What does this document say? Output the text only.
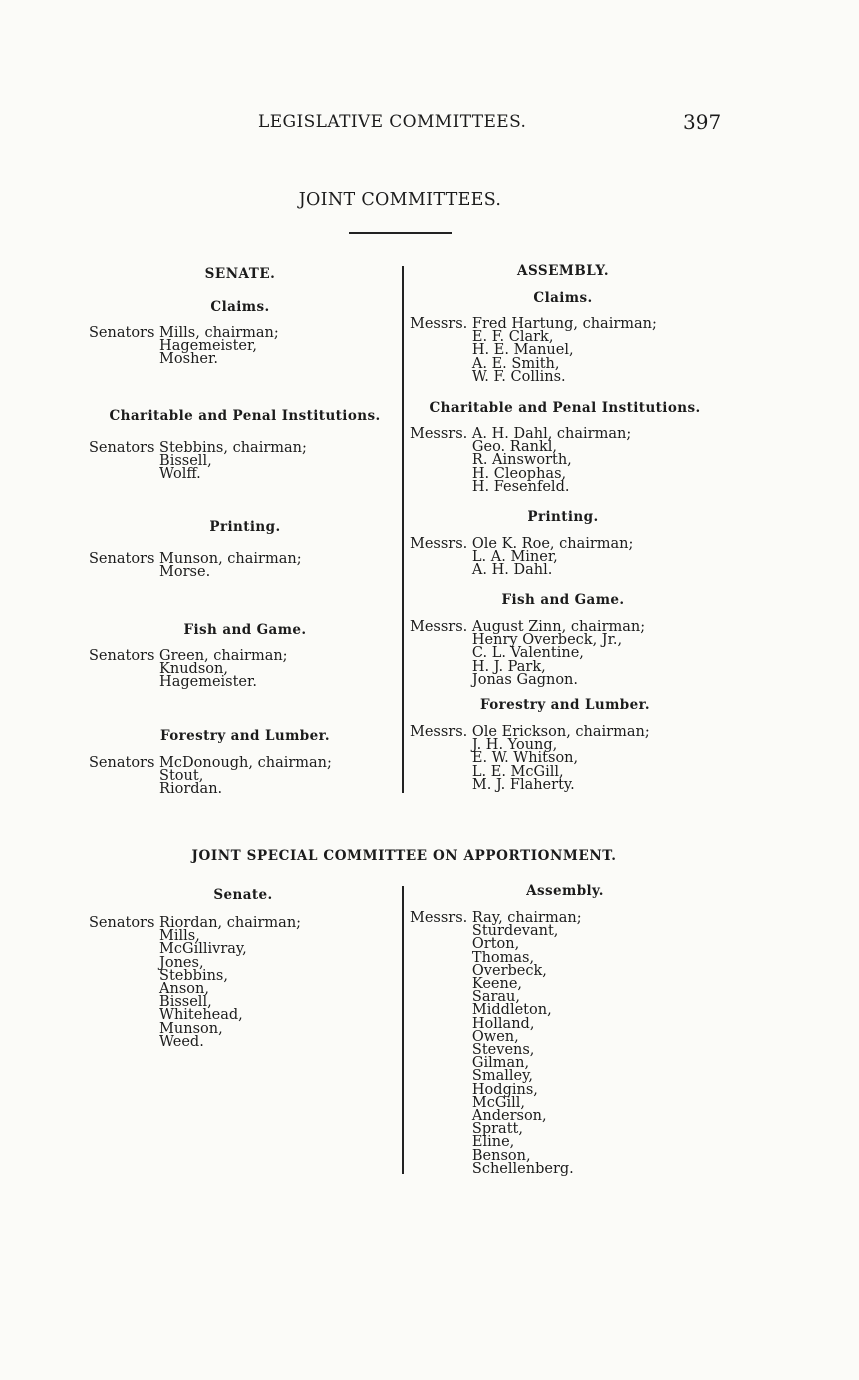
LEGISLATIVE COMMITTEES.	397
JOINT COMMITTEES.
SENATE.
Claims.
Senators Mills, chairman;
Hagemeister,
Mosher.
Charitable and Penal Institutions.
Senators Stebbins, chairman;
Bissell,
Wolff.
Printing.
Senators Munson, chairman;
Morse.
Fish and Game.
Senators Green, chairman;
Knudson,
Hagemeister.
Forestry and Lumber.
Senators McDonough, chairman;
Stout,
Riordan.
ASSEMBLY.
Claims.
Messrs. Fred Hartung, chairman;
E. F. Clark,
H. E. Manuel,
A. E. Smith,
W. F. Collins.
Charitable and Penal Institutions.
Messrs. A. H. Dahl, chairman;
Geo. Rankl,
R. Ainsworth,
H. Cleophas,
H. Fesenfeld.
Printing.
Messrs. Ole K. Roe, chairman;
L. A. Miner,
A. H. Dahl.
Fish and Game.
Messrs. August Zinn, chairman;
Henry Overbeck, Jr.,
C. L. Valentine,
H. J. Park,
Jonas Gagnon.
Forestry and Lumber.
Messrs. Ole Erickson, chairman;
J. H. Young,
E. W. Whitson,
L. E. McGill,
M. J. Flaherty.
JOINT SPECIAL COMMITTEE ON APPORTIONMENT.
Senate.
Senators Riordan, chairman;
Mills,
McGillivray,
Jones,
Stebbins,
Anson,
Bissell,
Whitehead,
Munson,
Weed.
Assembly.
Messrs. Ray, chairman;
Sturdevant,
Orton,
Thomas,
Overbeck,
Keene,
Sarau,
Middleton,
Holland,
Owen,
Stevens,
Gilman,
Smalley,
Hodgins,
McGill,
Anderson,
Spratt,
Eline,
Benson,
Schellenberg.
